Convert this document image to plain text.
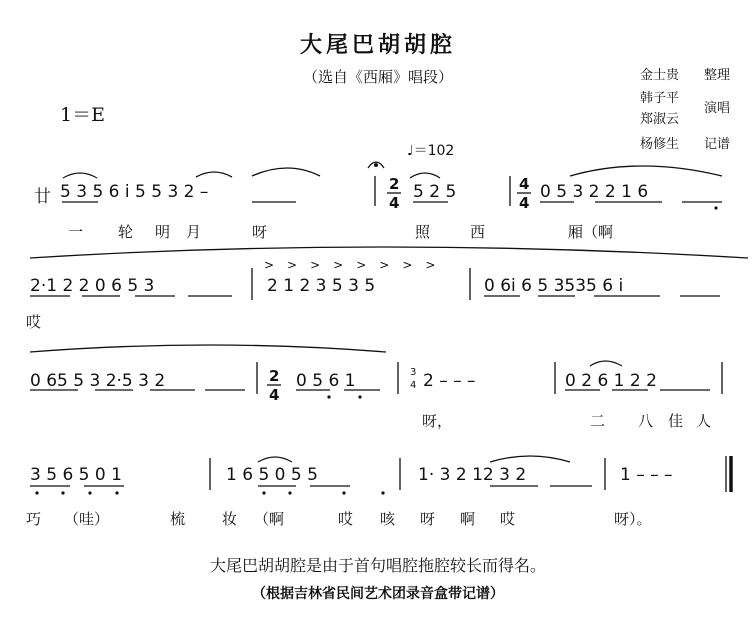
大尾巴胡胡腔
（选自《西厢》唱段）	金士贵 整理
韩子平
郑淑云
演唱
杨修生 记谱
1＝E
♩＝102
廿 5 3 5 6 i 5 5 3 2 –	5 2 5	0 5 3 2 2 1 6
一 轮 明 月	呀	照	西	厢（啊
2·1 2 2 0 6 5 3	2 1 2 3 5 3 5	0 6i 6 5 3535 6 i
>>>>>>>>
哎
0 65 5 3 2·5 3 2	0 5 6 1	2 – – –	0 2 6 1 2 2
呀，	二 八 佳 人
3 5 6 5 0 1	1 6 5 0 5 5	1· 3 2 12 3 2	1 – – –
巧 （哇）	梳 妆 （啊	哎 咳 呀 啊 哎	呀）。
大尾巴胡胡腔是由于首句唱腔拖腔较长而得名。
（根据吉林省民间艺术团录音盒带记谱）
2
4
4
4
2
4
3
4
